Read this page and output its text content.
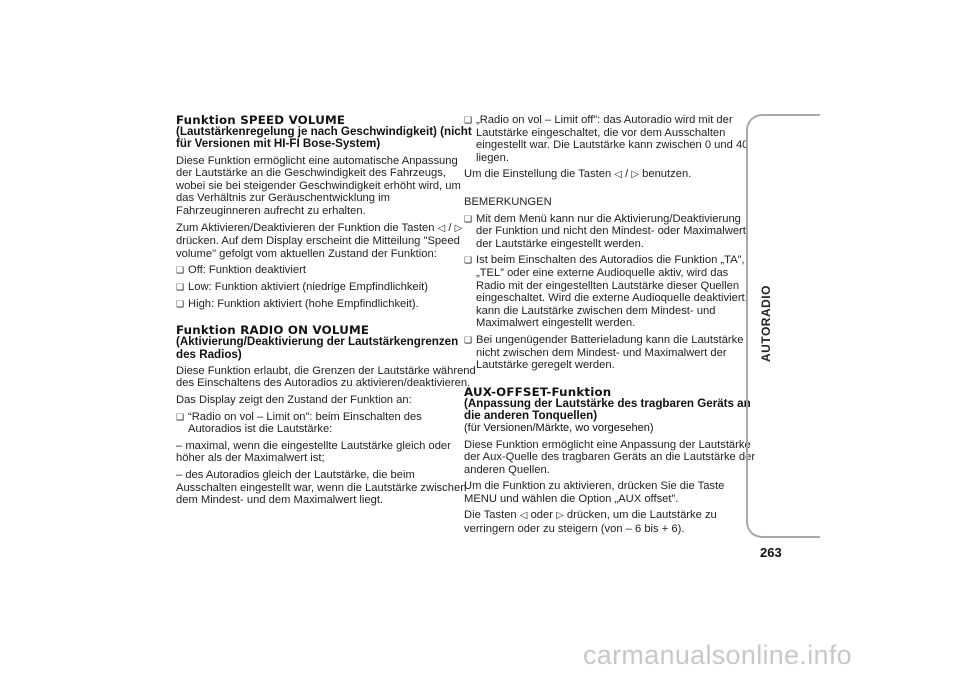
Funktion SPEED VOLUME
(Lautstärkenregelung je nach Geschwindigkeit) (nicht für Versionen mit HI-FI Bose-System)

Diese Funktion ermöglicht eine automatische Anpassung der Lautstärke an die Geschwindigkeit des Fahrzeugs, wobei sie bei steigender Geschwindigkeit erhöht wird, um das Verhältnis zur Geräuschentwicklung im Fahrzeuginneren aufrecht zu erhalten.

Zum Aktivieren/Deaktivieren der Funktion die Tasten ◁ / ▷ drücken. Auf dem Display erscheint die Mitteilung "Speed volume" gefolgt vom aktuellen Zustand der Funktion:

❑ Off: Funktion deaktiviert
❑ Low: Funktion aktiviert (niedrige Empfindlichkeit)
❑ High: Funktion aktiviert (hohe Empfindlichkeit).
Funktion RADIO ON VOLUME
(Aktivierung/Deaktivierung der Lautstärkengrenzen des Radios)

Diese Funktion erlaubt, die Grenzen der Lautstärke während des Einschaltens des Autoradios zu aktivieren/deaktivieren.

Das Display zeigt den Zustand der Funktion an:

❑ “Radio on vol – Limit on”: beim Einschalten des Autoradios ist die Lautstärke:

– maximal, wenn die eingestellte Lautstärke gleich oder höher als der Maximalwert ist;

– des Autoradios gleich der Lautstärke, die beim Ausschalten eingestellt war, wenn die Lautstärke zwischen dem Mindest- und dem Maximalwert liegt.

❑ „Radio on vol – Limit off”: das Autoradio wird mit der Lautstärke eingeschaltet, die vor dem Ausschalten eingestellt war. Die Lautstärke kann zwischen 0 und 40 liegen.

Um die Einstellung die Tasten ◁ / ▷ benutzen.

BEMERKUNGEN

❑ Mit dem Menü kann nur die Aktivierung/Deaktivierung der Funktion und nicht den Mindest- oder Maximalwert der Lautstärke eingestellt werden.
❑ Ist beim Einschalten des Autoradios die Funktion „TA”, „TEL” oder eine externe Audioquelle aktiv, wird das Radio mit der eingestellten Lautstärke dieser Quellen eingeschaltet. Wird die externe Audioquelle deaktiviert, kann die Lautstärke zwischen dem Mindest- und Maximalwert eingestellt werden.
❑ Bei ungenügender Batterieladung kann die Lautstärke nicht zwischen dem Mindest- und Maximalwert der Lautstärke geregelt werden.
AUX-OFFSET-Funktion
(Anpassung der Lautstärke des tragbaren Geräts an die anderen Tonquellen)
(für Versionen/Märkte, wo vorgesehen)

Diese Funktion ermöglicht eine Anpassung der Lautstärke der Aux-Quelle des tragbaren Geräts an die Lautstärke der anderen Quellen.

Um die Funktion zu aktivieren, drücken Sie die Taste MENU und wählen die Option „AUX offset”.

Die Tasten ◁ oder ▷ drücken, um die Lautstärke zu verringern oder zu steigern (von – 6 bis + 6).

AUTORADIO
263
carmanualsonline.info
